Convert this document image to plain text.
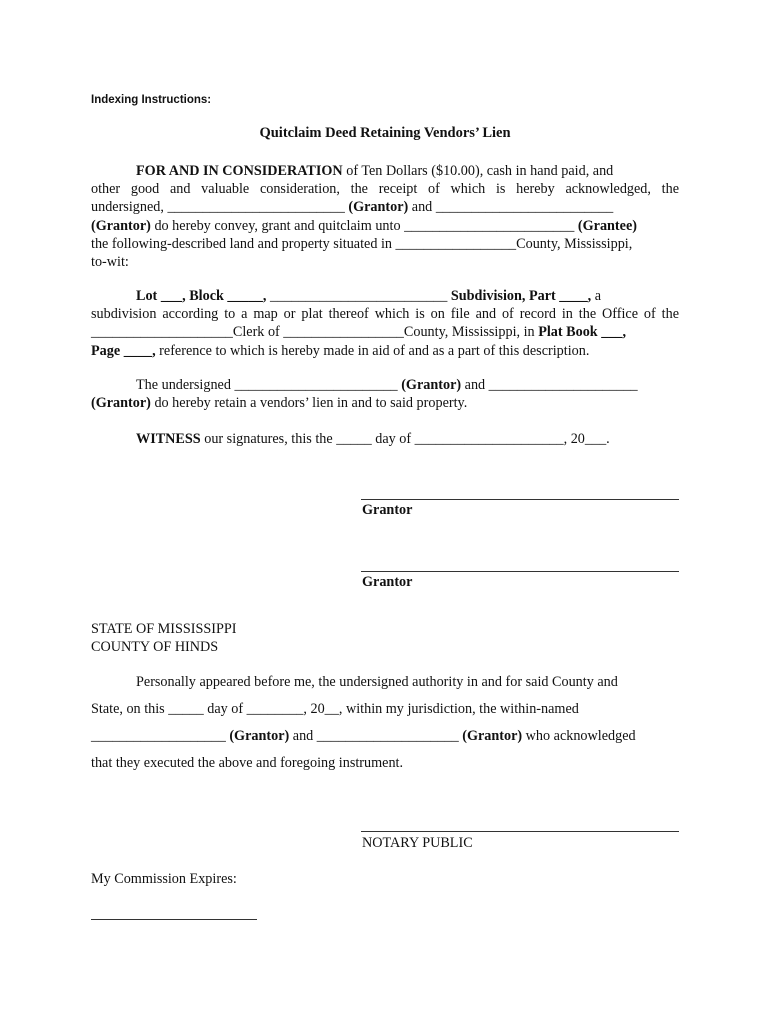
Indexing Instructions:
Quitclaim Deed Retaining Vendors’ Lien
FOR AND IN CONSIDERATION of Ten Dollars ($10.00), cash in hand paid, and
other good and valuable consideration, the receipt of which is hereby acknowledged, the
undersigned, _________________________ (Grantor) and _________________________
(Grantor) do hereby convey, grant and quitclaim unto ________________________ (Grantee)
the following-described land and property situated in _________________County, Mississippi,
to-wit:
Lot ___, Block _____, _________________________ Subdivision, Part ____, a
subdivision according to a map or plat thereof which is on file and of record in the Office of the
____________________Clerk of _________________County, Mississippi, in Plat Book ___,
Page ____, reference to which is hereby made in aid of and as a part of this description.
The undersigned _______________________ (Grantor) and _____________________
(Grantor) do hereby retain a vendors’ lien in and to said property.
WITNESS our signatures, this the _____ day of _____________________, 20___.
Grantor
Grantor
STATE OF MISSISSIPPI
COUNTY OF HINDS
Personally appeared before me, the undersigned authority in and for said County and
State, on this _____ day of ________, 20__, within my jurisdiction, the within-named
___________________ (Grantor) and ____________________ (Grantor) who acknowledged
that they executed the above and foregoing instrument.
NOTARY PUBLIC
My Commission Expires:
